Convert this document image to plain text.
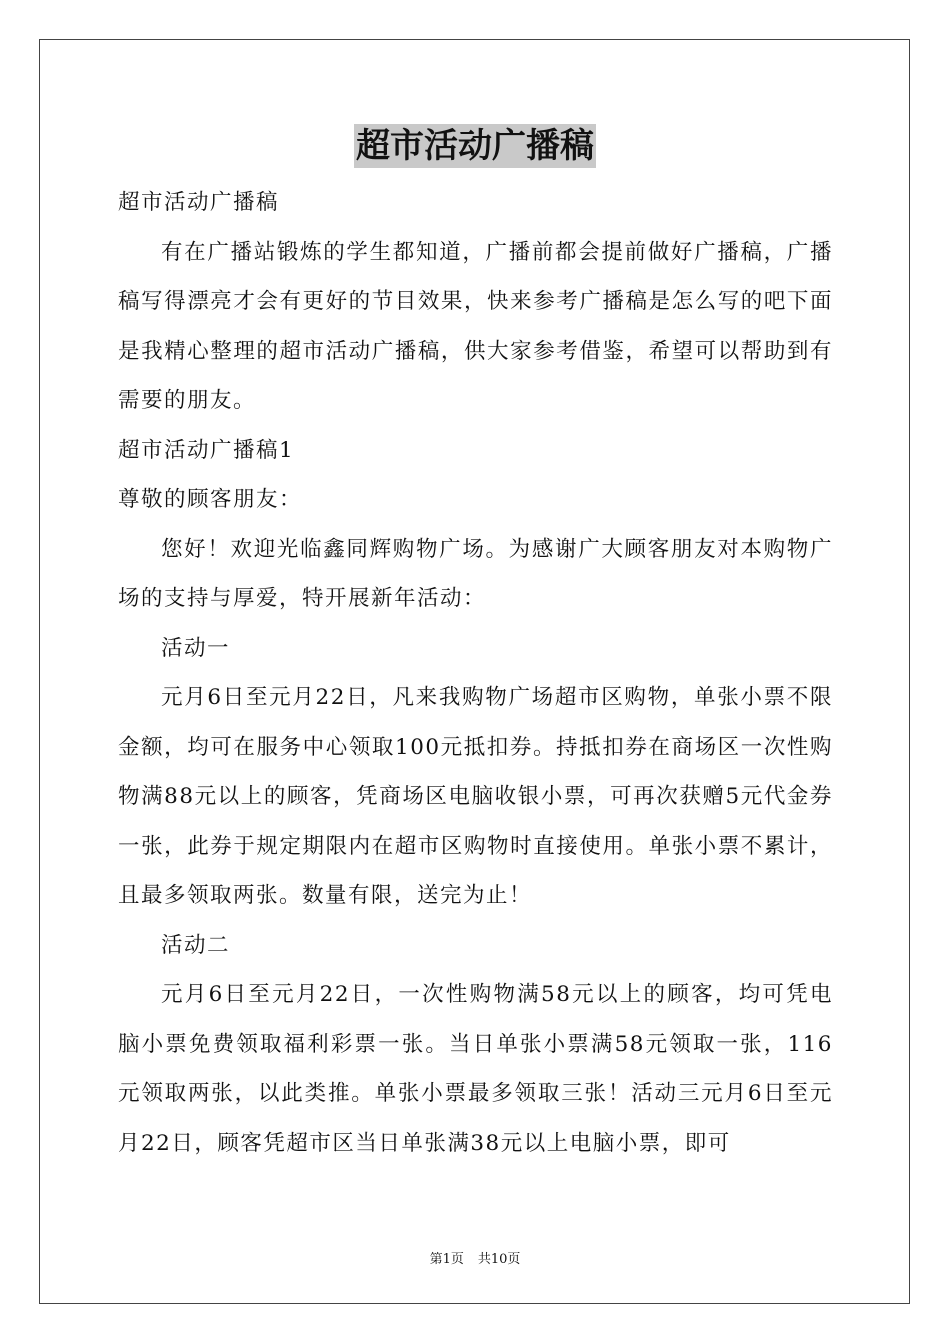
超市活动广播稿

超市活动广播稿

有在广播站锻炼的学生都知道，广播前都会提前做好广播稿，广播稿写得漂亮才会有更好的节目效果，快来参考广播稿是怎么写的吧下面是我精心整理的超市活动广播稿，供大家参考借鉴，希望可以帮助到有需要的朋友。

超市活动广播稿1

尊敬的顾客朋友：

您好！欢迎光临鑫同辉购物广场。为感谢广大顾客朋友对本购物广场的支持与厚爱，特开展新年活动：

活动一

元月6日至元月22日，凡来我购物广场超市区购物，单张小票不限金额，均可在服务中心领取100元抵扣券。持抵扣券在商场区一次性购物满88元以上的顾客，凭商场区电脑收银小票，可再次获赠5元代金券一张，此券于规定期限内在超市区购物时直接使用。单张小票不累计，且最多领取两张。数量有限，送完为止！

活动二

元月6日至元月22日，一次性购物满58元以上的顾客，均可凭电脑小票免费领取福利彩票一张。当日单张小票满58元领取一张，116元领取两张，以此类推。单张小票最多领取三张！活动三元月6日至元月22日，顾客凭超市区当日单张满38元以上电脑小票，即可

第1页 共10页
